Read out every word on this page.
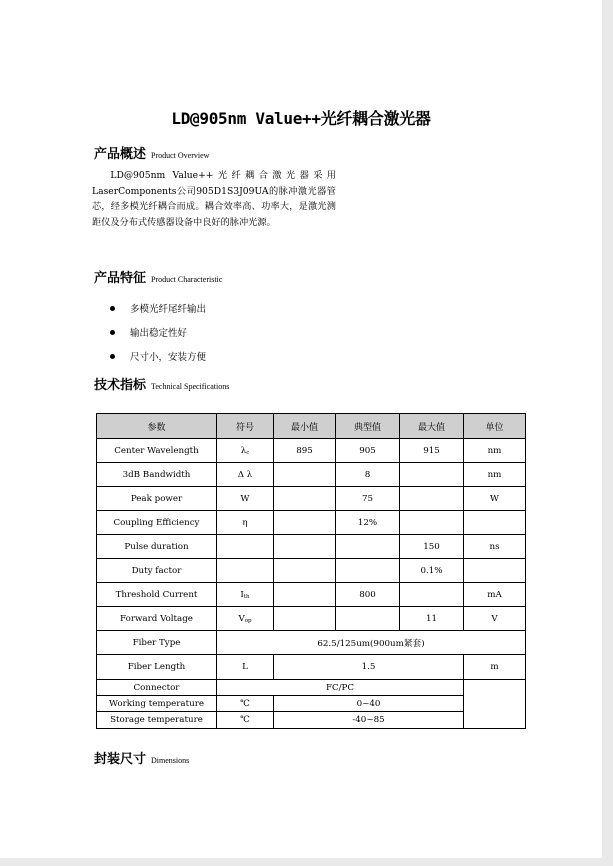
LD@905nm Value++光纤耦合激光器
产品概述 Product Overview
LD@905nm Value++光纤耦合激光器采用LaserComponents公司905D1S3J09UA的脉冲激光器管芯，经多模光纤耦合而成。耦合效率高、功率大，是激光测距仪及分布式传感器设备中良好的脉冲光源。
产品特征 Product Characteristic
多模光纤尾纤输出
输出稳定性好
尺寸小，安装方便
技术指标 Technical Specifications
参数	符号	最小值	典型值	最大值	单位
Center Wavelength	$\lambda_c$	895	905	915	nm
3dB Bandwidth	Δ λ		8		nm
Peak power	W		75		W
Coupling Efficiency	η		12%		
Pulse duration				150	ns
Duty factor				0.1%	
Threshold Current	$I_{th}$		800		mA
Forward Voltage	$V_{op}$			11	V
Fiber Type	62.5/125um(900um紧套)				
Fiber Length	L	1.5			m
Connector	FC/PC				
Working temperature	℃	0~40			
Storage temperature	℃	-40~85			
封装尺寸 Dimensions
